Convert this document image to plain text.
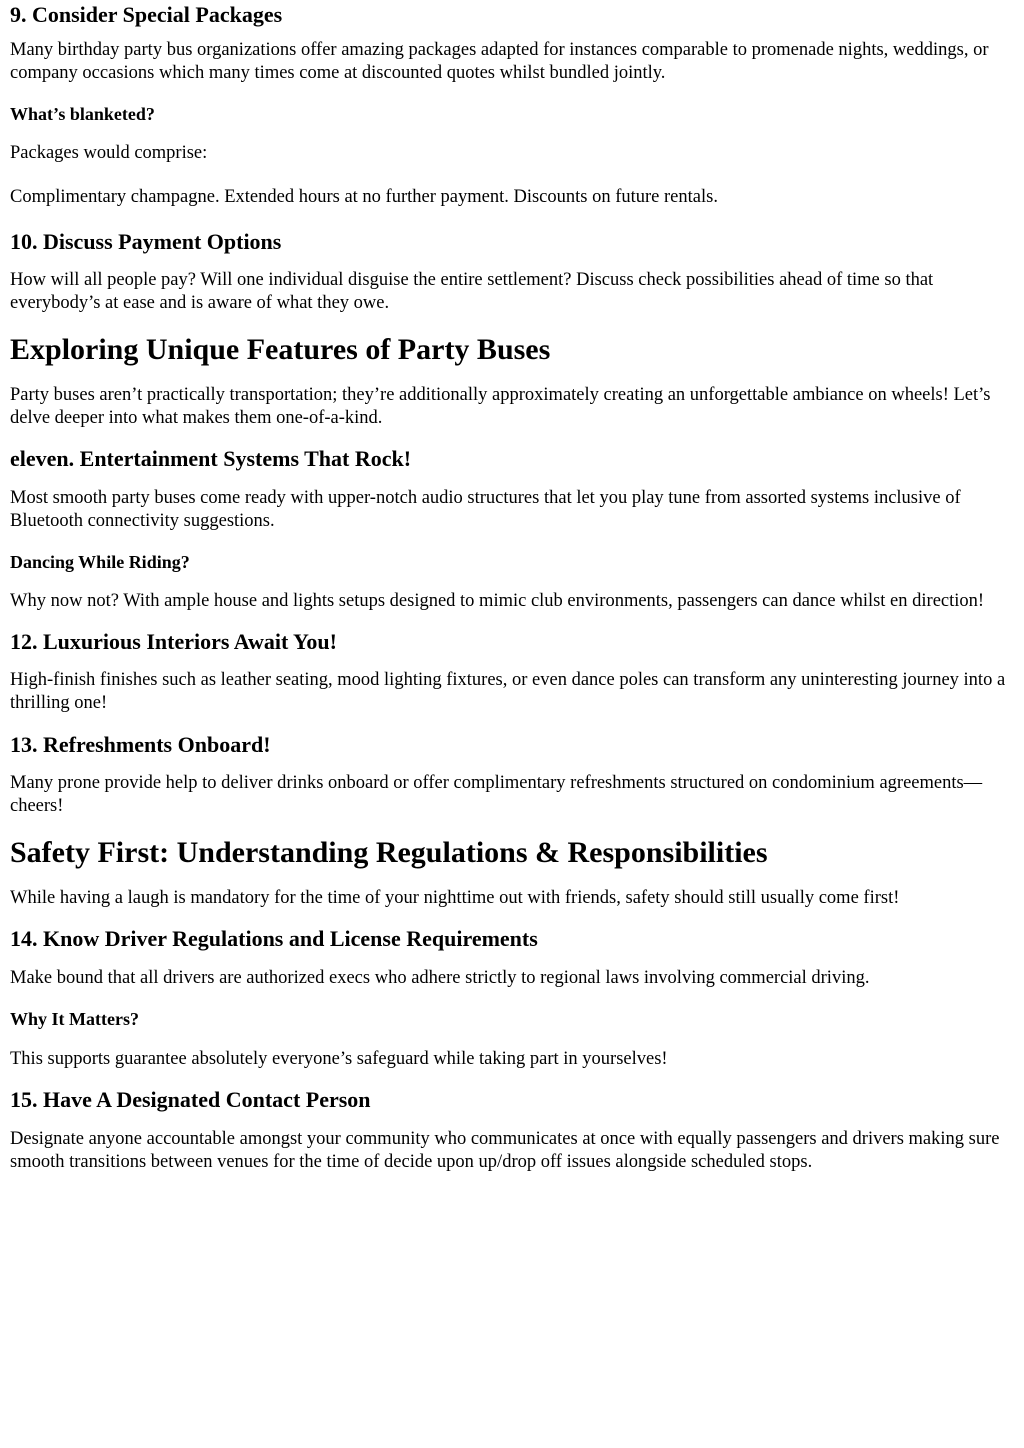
9. Consider Special Packages

Many birthday party bus organizations offer amazing packages adapted for instances comparable to promenade nights, weddings, or company occasions which many times come at discounted quotes whilst bundled jointly.

What’s blanketed?

Packages would comprise:

Complimentary champagne. Extended hours at no further payment. Discounts on future rentals.

10. Discuss Payment Options

How will all people pay? Will one individual disguise the entire settlement? Discuss check possibilities ahead of time so that everybody’s at ease and is aware of what they owe.

Exploring Unique Features of Party Buses

Party buses aren’t practically transportation; they’re additionally approximately creating an unforgettable ambiance on wheels! Let’s delve deeper into what makes them one-of-a-kind.

eleven. Entertainment Systems That Rock!

Most smooth party buses come ready with upper-notch audio structures that let you play tune from assorted systems inclusive of Bluetooth connectivity suggestions.

Dancing While Riding?

Why now not? With ample house and lights setups designed to mimic club environments, passengers can dance whilst en direction!

12. Luxurious Interiors Await You!

High-finish finishes such as leather seating, mood lighting fixtures, or even dance poles can transform any uninteresting journey into a thrilling one!

13. Refreshments Onboard!

Many prone provide help to deliver drinks onboard or offer complimentary refreshments structured on condominium agreements—cheers!

Safety First: Understanding Regulations & Responsibilities

While having a laugh is mandatory for the time of your nighttime out with friends, safety should still usually come first!

14. Know Driver Regulations and License Requirements

Make bound that all drivers are authorized execs who adhere strictly to regional laws involving commercial driving.

Why It Matters?

This supports guarantee absolutely everyone’s safeguard while taking part in yourselves!

15. Have A Designated Contact Person

Designate anyone accountable amongst your community who communicates at once with equally passengers and drivers making sure smooth transitions between venues for the time of decide upon up/drop off issues alongside scheduled stops.
